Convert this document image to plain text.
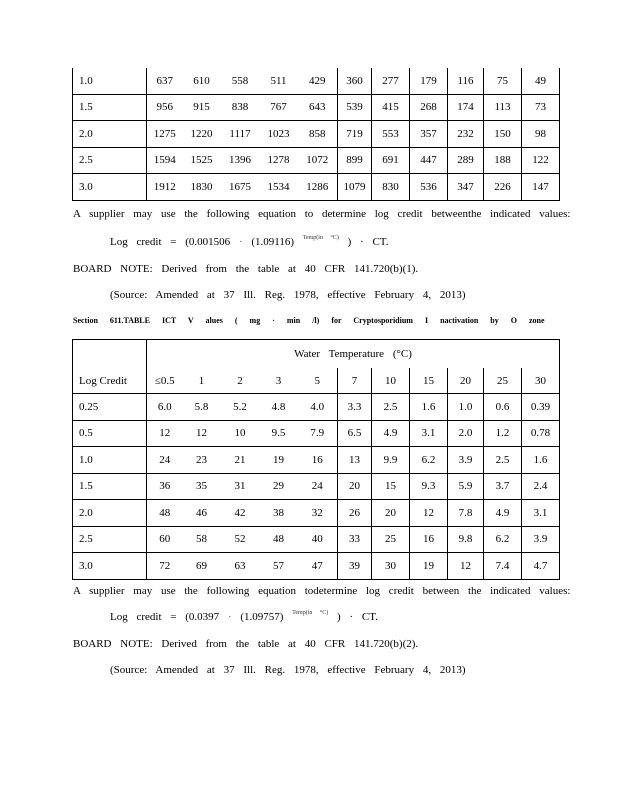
1.0	637	610	558	511	429	360	277	179	116	75	49
1.5	956	915	838	767	643	539	415	268	174	113	73
2.0	1275	1220	1117	1023	858	719	553	357	232	150	98
2.5	1594	1525	1396	1278	1072	899	691	447	289	188	122
3.0	1912	1830	1675	1534	1286	1079	830	536	347	226	147
A supplier may use the following equation to determine log credit betweenthe indicated values:
Log credit = (0.001506 · (1.09116) $^{Temp(in ^\circ C)}$ ) · CT.
BOARD NOTE: Derived from the table at 40 CFR 141.720(b)(1).
(Source: Amended at 37 Ill. Reg. 1978, effective February 4, 2013)
Section 611.TABLE ICT V alues ( mg · min /l) for Cryptosporidium I nactivation by O zone
	Water Temperature (°C)										
Log Credit	≤0.5	1	2	3	5	7	10	15	20	25	30
0.25	6.0	5.8	5.2	4.8	4.0	3.3	2.5	1.6	1.0	0.6	0.39
0.5	12	12	10	9.5	7.9	6.5	4.9	3.1	2.0	1.2	0.78
1.0	24	23	21	19	16	13	9.9	6.2	3.9	2.5	1.6
1.5	36	35	31	29	24	20	15	9.3	5.9	3.7	2.4
2.0	48	46	42	38	32	26	20	12	7.8	4.9	3.1
2.5	60	58	52	48	40	33	25	16	9.8	6.2	3.9
3.0	72	69	63	57	47	39	30	19	12	7.4	4.7
A supplier may use the following equation todetermine log credit between the indicated values:
Log credit = (0.0397 · (1.09757) $^{Temp(in ^\circ C)}$ ) · CT.
BOARD NOTE: Derived from the table at 40 CFR 141.720(b)(2).
(Source: Amended at 37 Ill. Reg. 1978, effective February 4, 2013)
